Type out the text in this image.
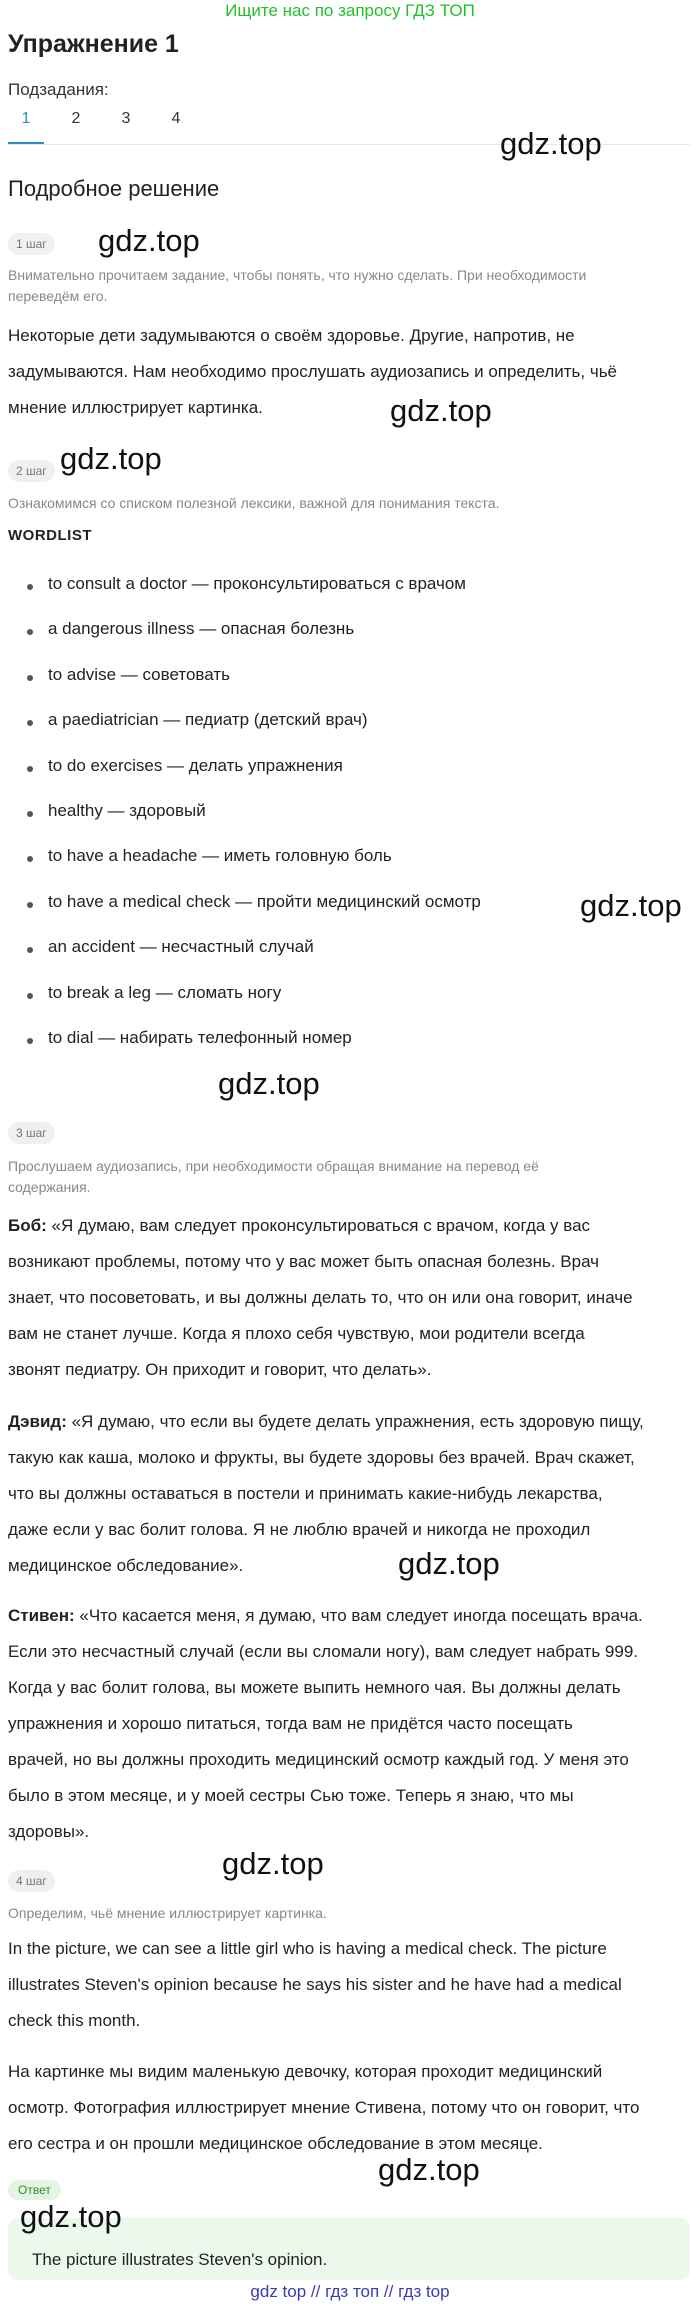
Ищите нас по запросу ГДЗ ТОП
Упражнение 1
Подзадания:
1	2	3	4
gdz.top
Подробное решение
1 шаг gdz.top
Внимательно прочитаем задание, чтобы понять, что нужно сделать. При необходимости
переведём его.
Некоторые дети задумываются о своём здоровье. Другие, напротив, не
задумываются. Нам необходимо прослушать аудиозапись и определить, чьё
мнение иллюстрирует картинка.	gdz.top
gdz.top
2 шаг
Ознакомимся со списком полезной лексики, важной для понимания текста.
WORDLIST
to consult a doctor — проконсультироваться с врачом
a dangerous illness — опасная болезнь
to advise — советовать
a paediatrician — педиатр (детский врач)
to do exercises — делать упражнения
healthy — здоровый
to have a headache — иметь головную боль
to have a medical check — пройти медицинский осмотр
an accident — несчастный случай
to break a leg — сломать ногу
to dial — набирать телефонный номер
gdz.top
gdz.top
3 шаг
Прослушаем аудиозапись, при необходимости обращая внимание на перевод её
содержания.
Боб: «Я думаю, вам следует проконсультироваться с врачом, когда у вас
возникают проблемы, потому что у вас может быть опасная болезнь. Врач
знает, что посоветовать, и вы должны делать то, что он или она говорит, иначе
вам не станет лучше. Когда я плохо себя чувствую, мои родители всегда
звонят педиатру. Он приходит и говорит, что делать».
Дэвид: «Я думаю, что если вы будете делать упражнения, есть здоровую пищу,
такую как каша, молоко и фрукты, вы будете здоровы без врачей. Врач скажет,
что вы должны оставаться в постели и принимать какие-нибудь лекарства,
даже если у вас болит голова. Я не люблю врачей и никогда не проходил
медицинское обследование».	gdz.top
Стивен: «Что касается меня, я думаю, что вам следует иногда посещать врача.
Если это несчастный случай (если вы сломали ногу), вам следует набрать 999.
Когда у вас болит голова, вы можете выпить немного чая. Вы должны делать
упражнения и хорошо питаться, тогда вам не придётся часто посещать
врачей, но вы должны проходить медицинский осмотр каждый год. У меня это
было в этом месяце, и у моей сестры Сью тоже. Теперь я знаю, что мы
здоровы».
4 шаг	gdz.top
Определим, чьё мнение иллюстрирует картинка.
In the picture, we can see a little girl who is having a medical check. The picture
illustrates Steven's opinion because he says his sister and he have had a medical
check this month.
На картинке мы видим маленькую девочку, которая проходит медицинский
осмотр. Фотография иллюстрирует мнение Стивена, потому что он говорит, что
его сестра и он прошли медицинское обследование в этом месяце.
gdz.top
Ответ
gdz.top
The picture illustrates Steven's opinion.
gdz top // гдз топ // гдз top
